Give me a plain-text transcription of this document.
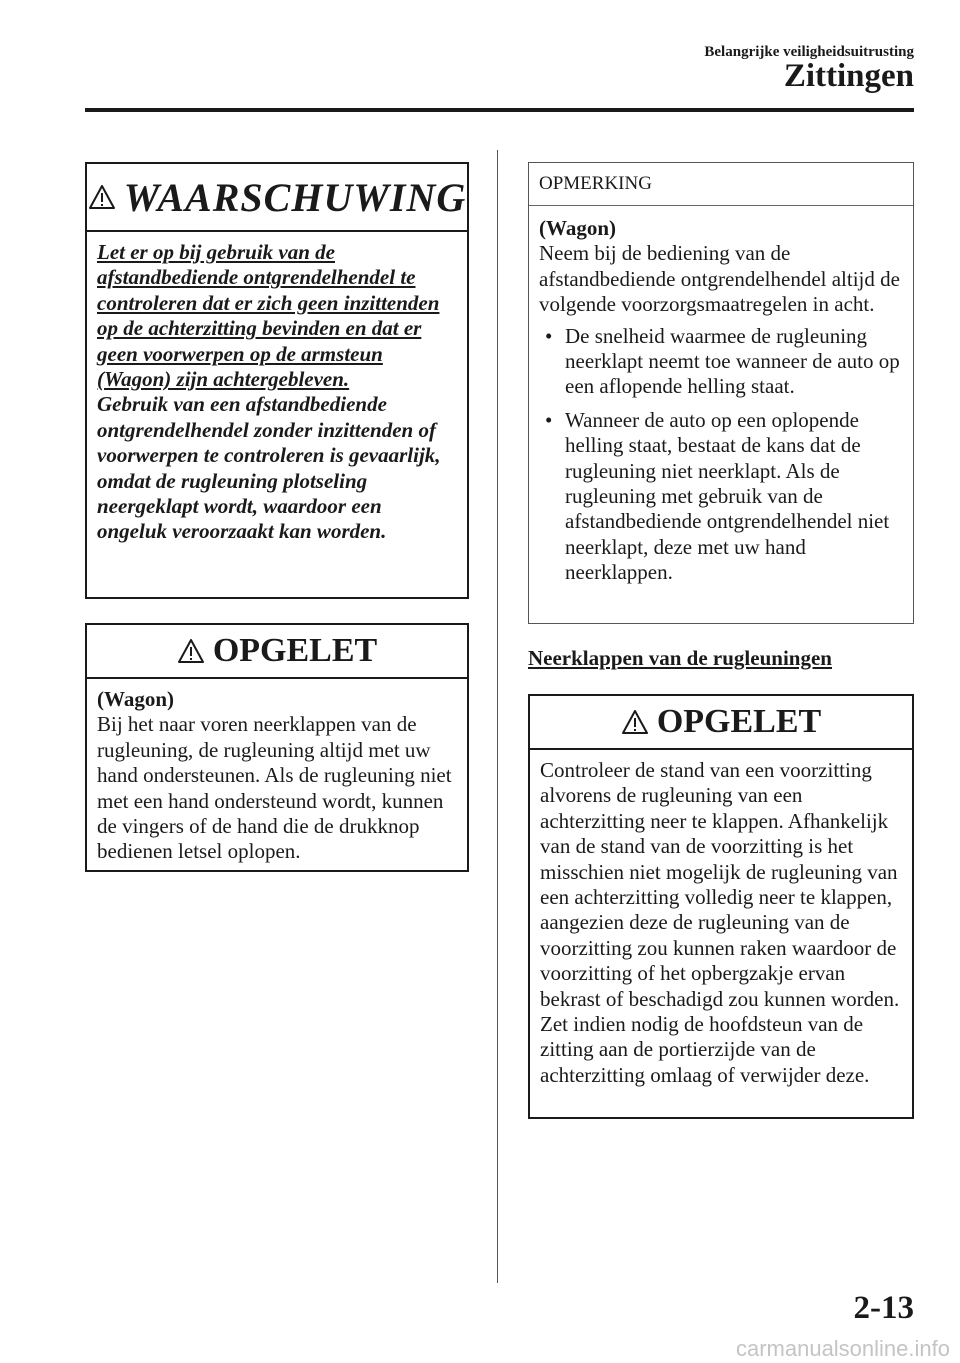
Belangrijke veiligheidsuitrusting
Zittingen
WAARSCHUWING
Let er op bij gebruik van de afstandbediende ontgrendelhendel te controleren dat er zich geen inzittenden op de achterzitting bevinden en dat er geen voorwerpen op de armsteun (Wagon) zijn achtergebleven.
Gebruik van een afstandbediende ontgrendelhendel zonder inzittenden of voorwerpen te controleren is gevaarlijk, omdat de rugleuning plotseling neergeklapt wordt, waardoor een ongeluk veroorzaakt kan worden.
OPGELET
(Wagon)
Bij het naar voren neerklappen van de rugleuning, de rugleuning altijd met uw hand ondersteunen. Als de rugleuning niet met een hand ondersteund wordt, kunnen de vingers of de hand die de drukknop bedienen letsel oplopen.
OPMERKING
(Wagon)
Neem bij de bediening van de afstandbediende ontgrendelhendel altijd de volgende voorzorgsmaatregelen in acht.
• De snelheid waarmee de rugleuning neerklapt neemt toe wanneer de auto op een aflopende helling staat.
• Wanneer de auto op een oplopende helling staat, bestaat de kans dat de rugleuning niet neerklapt. Als de rugleuning met gebruik van de afstandbediende ontgrendelhendel niet neerklapt, deze met uw hand neerklappen.
Neerklappen van de rugleuningen
OPGELET
Controleer de stand van een voorzitting alvorens de rugleuning van een achterzitting neer te klappen. Afhankelijk van de stand van de voorzitting is het misschien niet mogelijk de rugleuning van een achterzitting volledig neer te klappen, aangezien deze de rugleuning van de voorzitting zou kunnen raken waardoor de voorzitting of het opbergzakje ervan bekrast of beschadigd zou kunnen worden. Zet indien nodig de hoofdsteun van de zitting aan de portierzijde van de achterzitting omlaag of verwijder deze.
2-13
carmanualsonline.info
